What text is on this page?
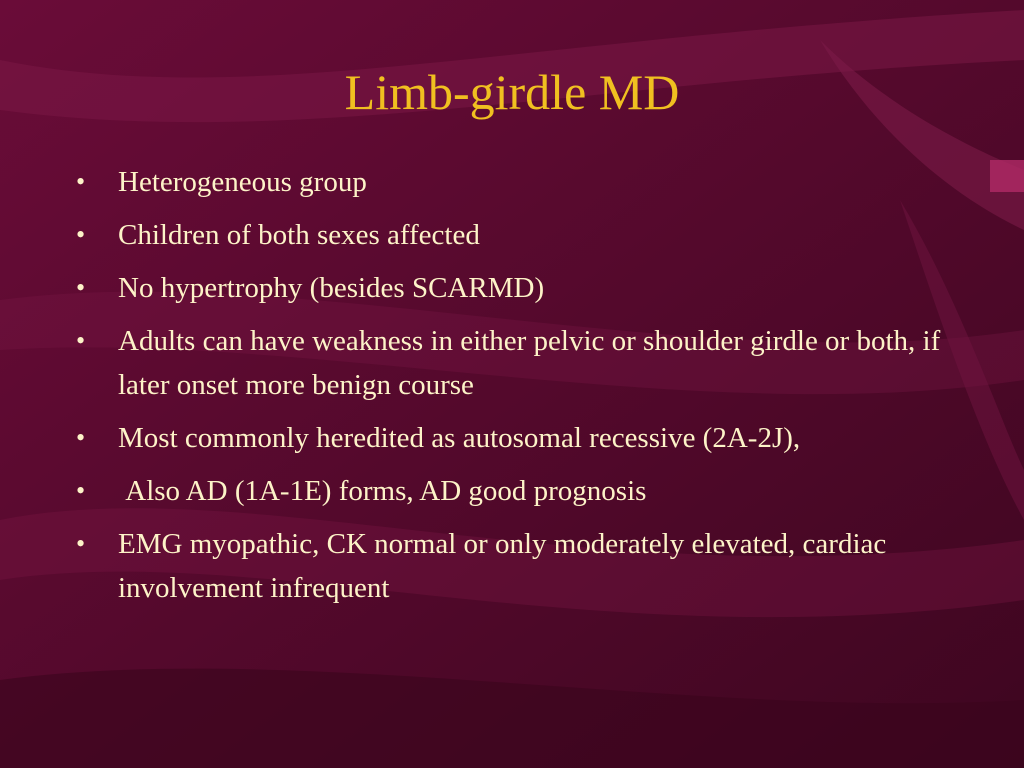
Limb-girdle MD
•	Heterogeneous group
•	Children of both sexes affected
•	No hypertrophy (besides SCARMD)
•	Adults can have weakness in either pelvic or shoulder girdle or both, if later onset more benign course
•	Most commonly heredited as autosomal recessive (2A-2J),
•	Also AD (1A-1E) forms, AD good prognosis
•	EMG myopathic, CK normal or only moderately elevated, cardiac involvement infrequent
